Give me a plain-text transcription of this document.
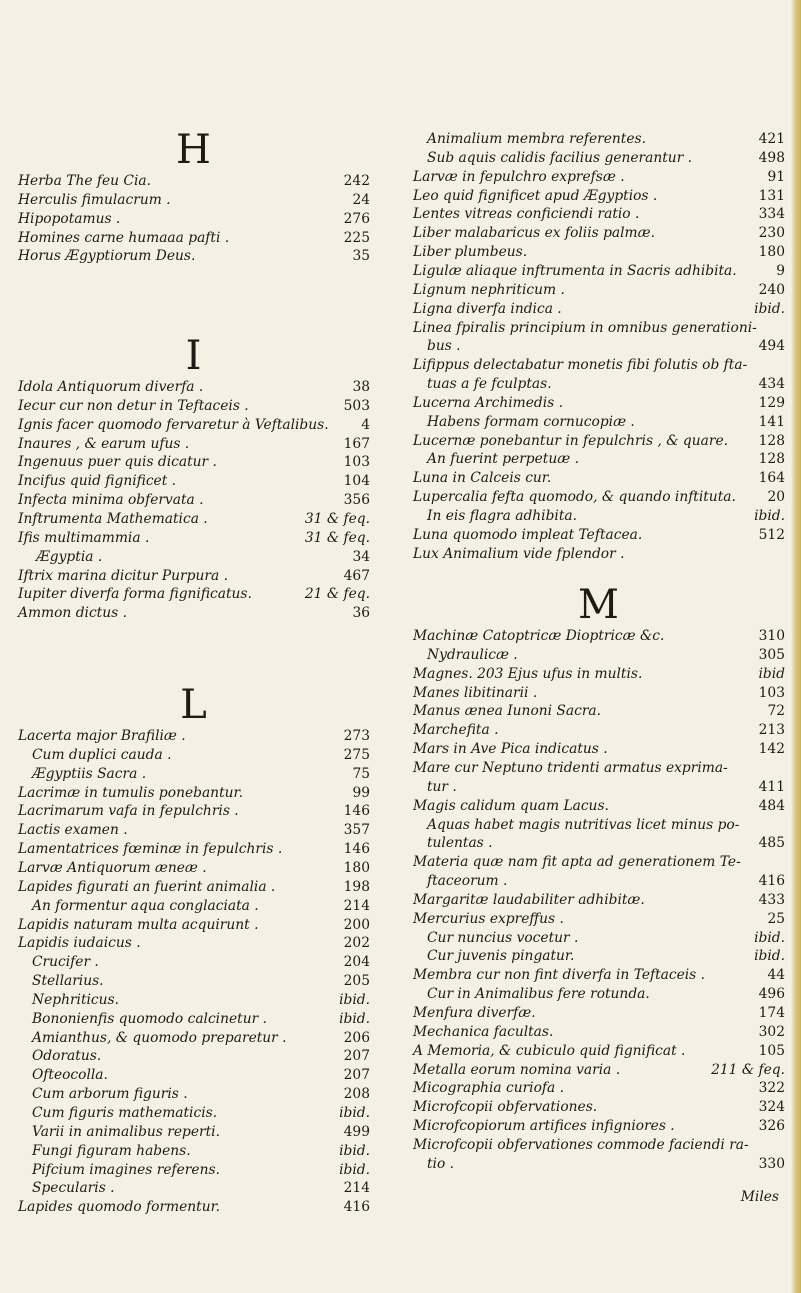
H
Herba The feu Cia.	242
Herculis fimulacrum .	24
Hipopotamus .	276
Homines carne humaaa pafti .	225
Horus Ægyptiorum Deus.	35
I
Idola Antiquorum diverfa .	38
Iecur cur non detur in Teftaceis .	503
Ignis facer quomodo fervaretur à Veftalibus. 4
Inaures , & earum ufus .	167
Ingenuus puer quis dicatur .	103
Incifus quid fignificet .	104
Infecta minima obfervata .	356
Inftrumenta Mathematica .	31 & feq.
Ifis multimammia .	31 & feq.
Ægyptia .	34
Iftrix marina dicitur Purpura .	467
Iupiter diverfa forma fignificatus.	21 & feq.
Ammon dictus .	36
L
Lacerta major Brafiliæ .	273
Cum duplici cauda .	275
Ægyptiis Sacra .	75
Lacrimæ in tumulis ponebantur.	99
Lacrimarum vafa in fepulchris .	146
Lactis examen .	357
Lamentatrices fœminæ in fepulchris .	146
Larvæ Antiquorum æneæ .	180
Lapides figurati an fuerint animalia .	198
An formentur aqua conglaciata .	214
Lapidis naturam multa acquirunt .	200
Lapidis iudaicus .	202
Crucifer .	204
Stellarius.	205
Nephriticus.	ibid.
Bononienfis quomodo calcinetur .	ibid.
Amianthus, & quomodo preparetur .	206
Odoratus.	207
Ofteocolla.	207
Cum arborum figuris .	208
Cum figuris mathematicis.	ibid.
Varii in animalibus reperti.	499
Fungi figuram habens.	ibid.
Pifcium imagines referens.	ibid.
Specularis .	214
Lapides quomodo formentur.	416
Animalium membra referentes.	421
Sub aquis calidis facilius generantur .	498
Larvæ in fepulchro exprefsæ .	91
Leo quid fignificet apud Ægyptios .	131
Lentes vitreas conficiendi ratio .	334
Liber malabaricus ex foliis palmæ.	230
Liber plumbeus.	180
Ligulæ aliaque inftrumenta in Sacris adhibita.	9
Lignum nephriticum .	240
Ligna diverfa indica .	ibid.
Linea fpiralis principium in omnibus generationi-
bus .	494
Lifippus delectabatur monetis fibi folutis ob fta-
tuas a fe fculptas.	434
Lucerna Archimedis .	129
Habens formam cornucopiæ .	141
Lucernæ ponebantur in fepulchris , & quare. 128
An fuerint perpetuæ .	128
Luna in Calceis cur.	164
Lupercalia fefta quomodo, & quando inftituta. 20
In eis flagra adhibita.	ibid.
Luna quomodo impleat Teftacea.	512
Lux Animalium vide fplendor .
M
Machinæ Catoptricæ Dioptricæ &c.	310
Nydraulicæ .	305
Magnes. 203 Ejus ufus in multis.	ibid
Manes libitinarii .	103
Manus ænea Iunoni Sacra.	72
Marchefita .	213
Mars in Ave Pica indicatus .	142
Mare cur Neptuno tridenti armatus exprima-
tur .	411
Magis calidum quam Lacus.	484
Aquas habet magis nutritivas licet minus po-
tulentas .	485
Materia quæ nam fit apta ad generationem Te-
ftaceorum .	416
Margaritæ laudabiliter adhibitæ.	433
Mercurius expreffus .	25
Cur nuncius vocetur .	ibid.
Cur juvenis pingatur.	ibid.
Membra cur non fint diverfa in Teftaceis .	44
Cur in Animalibus fere rotunda.	496
Menfura diverfæ.	174
Mechanica facultas.	302
A Memoria, & cubiculo quid fignificat .	105
Metalla eorum nomina varia .	211 & feq.
Micographia curiofa .	322
Microfcopii obfervationes.	324
Microfcopiorum artifices infigniores .	326
Microfcopii obfervationes commode faciendi ra-
tio .	330
Miles
